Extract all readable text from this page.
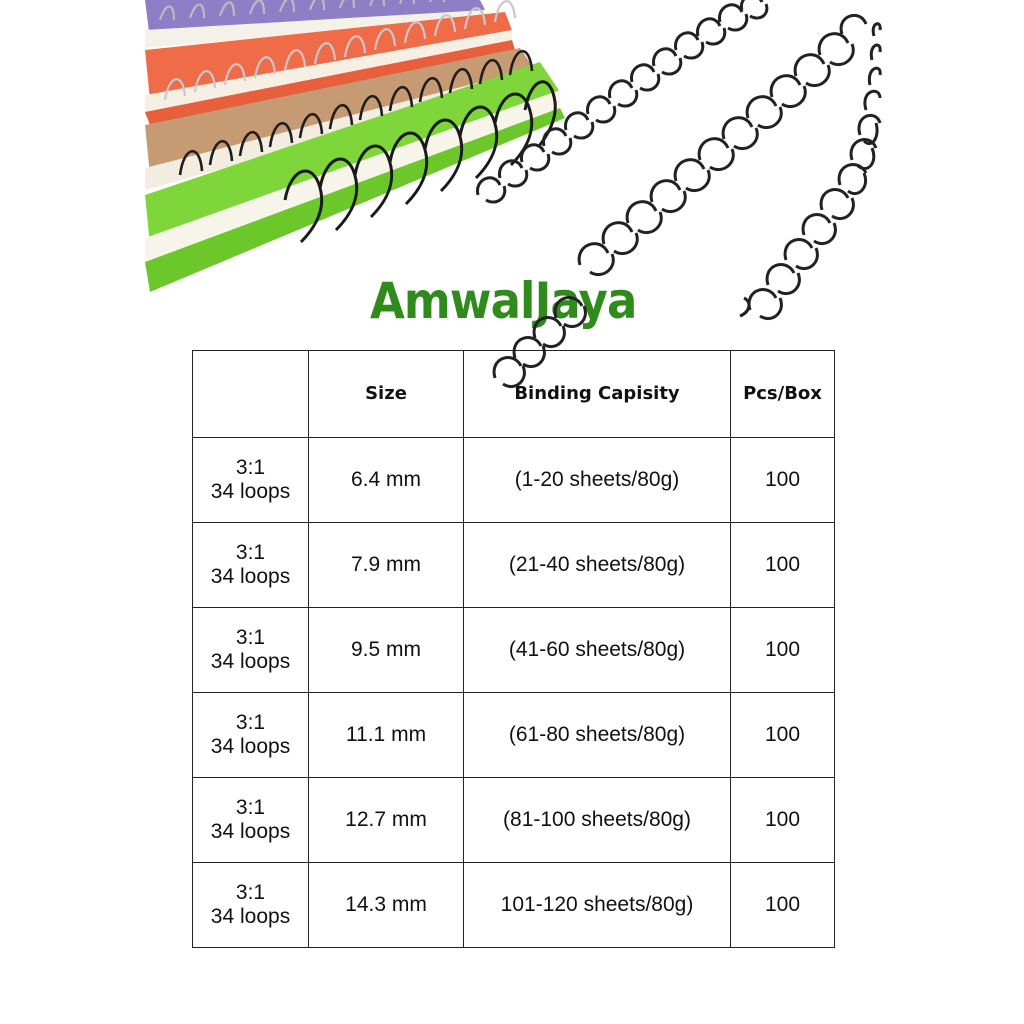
AmwalJaya
	Size	Binding Capisity	Pcs/Box
3:1
34 loops	6.4 mm	(1-20 sheets/80g)	100
3:1
34 loops	7.9 mm	(21-40 sheets/80g)	100
3:1
34 loops	9.5 mm	(41-60 sheets/80g)	100
3:1
34 loops	11.1 mm	(61-80 sheets/80g)	100
3:1
34 loops	12.7 mm	(81-100 sheets/80g)	100
3:1
34 loops	14.3 mm	101-120 sheets/80g)	100
